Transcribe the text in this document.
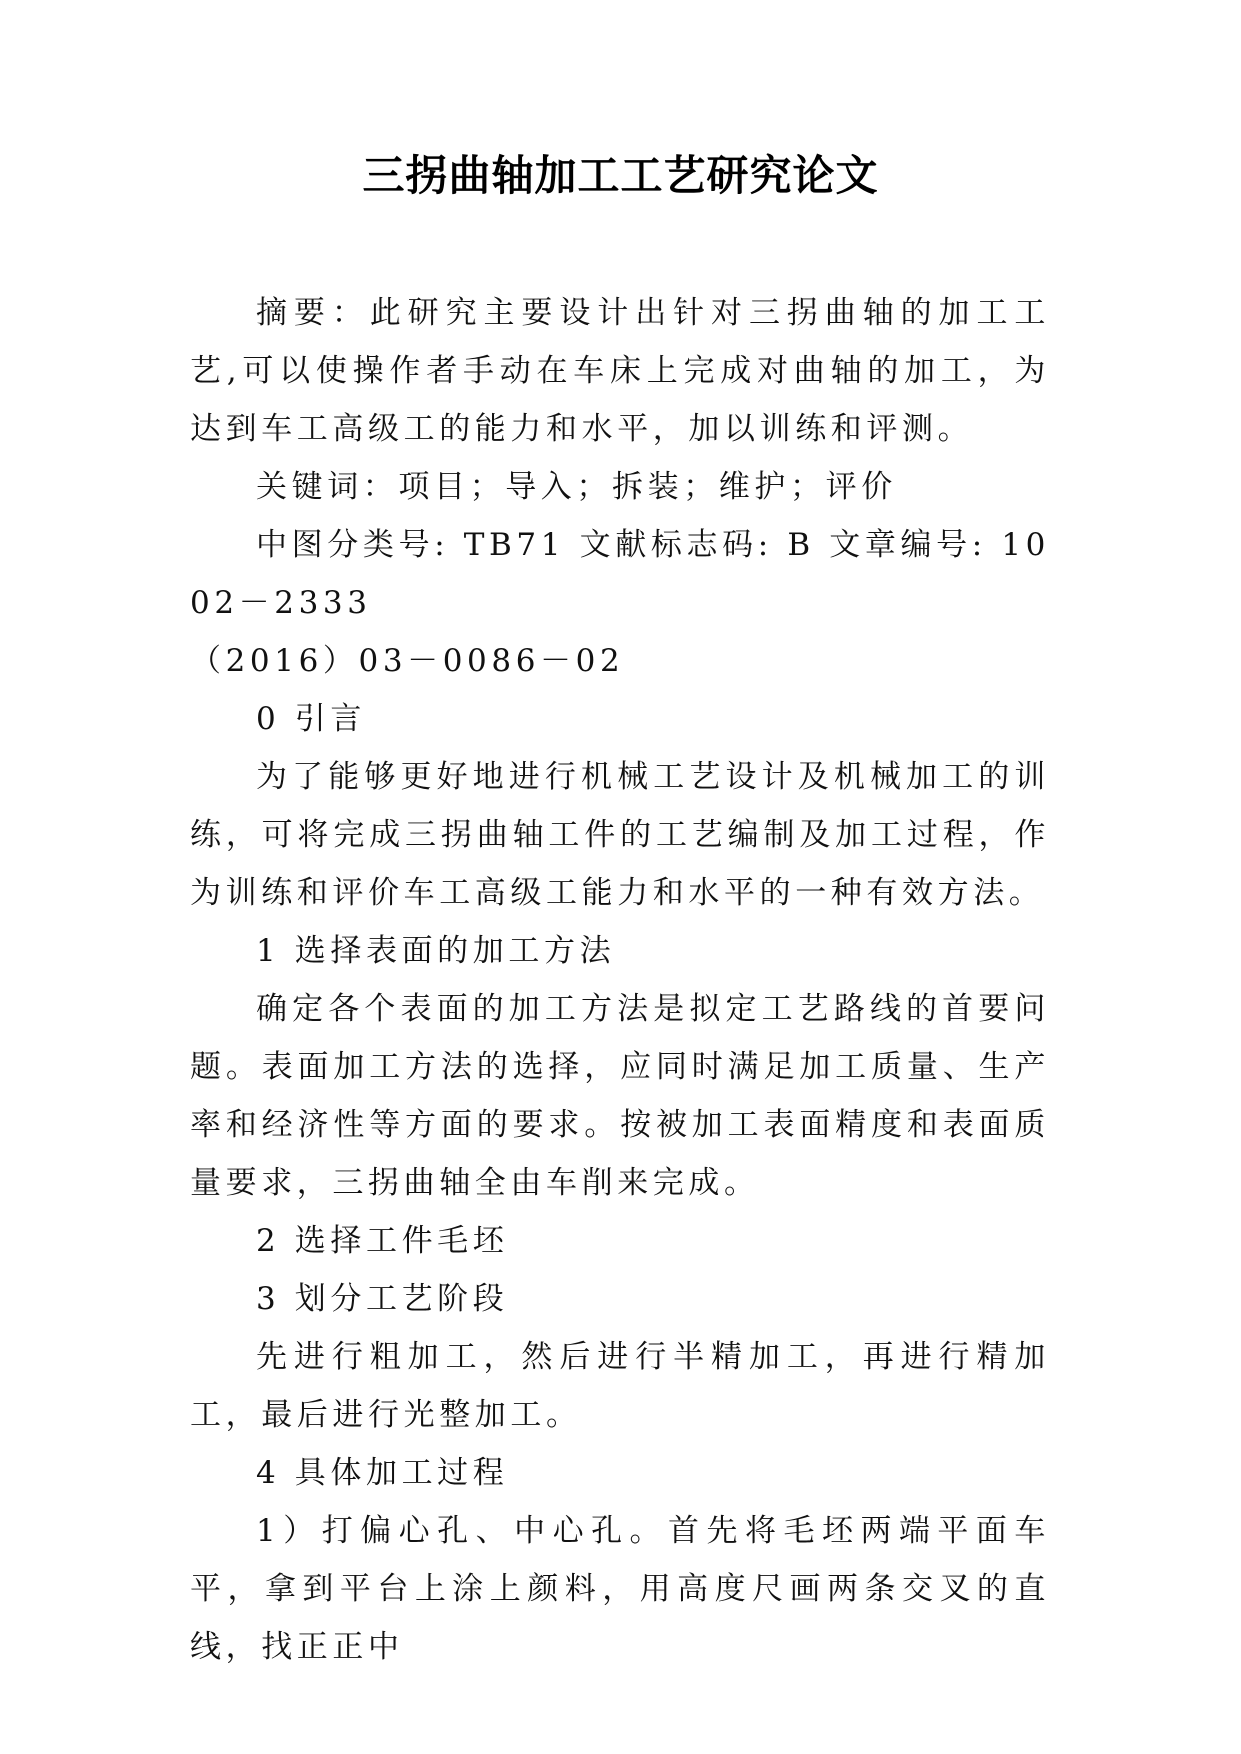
三拐曲轴加工工艺研究论文

摘要：此研究主要设计出针对三拐曲轴的加工工艺,可以使操作者手动在车床上完成对曲轴的加工，为达到车工高级工的能力和水平，加以训练和评测。

关键词：项目；导入；拆装；维护；评价

中图分类号: TB71 文献标志码: B 文章编号: 1002－2333

（2016）03－0086－02

0 引言

为了能够更好地进行机械工艺设计及机械加工的训练，可将完成三拐曲轴工件的工艺编制及加工过程，作为训练和评价车工高级工能力和水平的一种有效方法。

1 选择表面的加工方法

确定各个表面的加工方法是拟定工艺路线的首要问题。表面加工方法的选择，应同时满足加工质量、生产率和经济性等方面的要求。按被加工表面精度和表面质量要求，三拐曲轴全由车削来完成。

2 选择工件毛坯

3 划分工艺阶段

先进行粗加工，然后进行半精加工，再进行精加工，最后进行光整加工。

4 具体加工过程

1）打偏心孔、中心孔。首先将毛坯两端平面车平，拿到平台上涂上颜料，用高度尺画两条交叉的直线，找正正中
